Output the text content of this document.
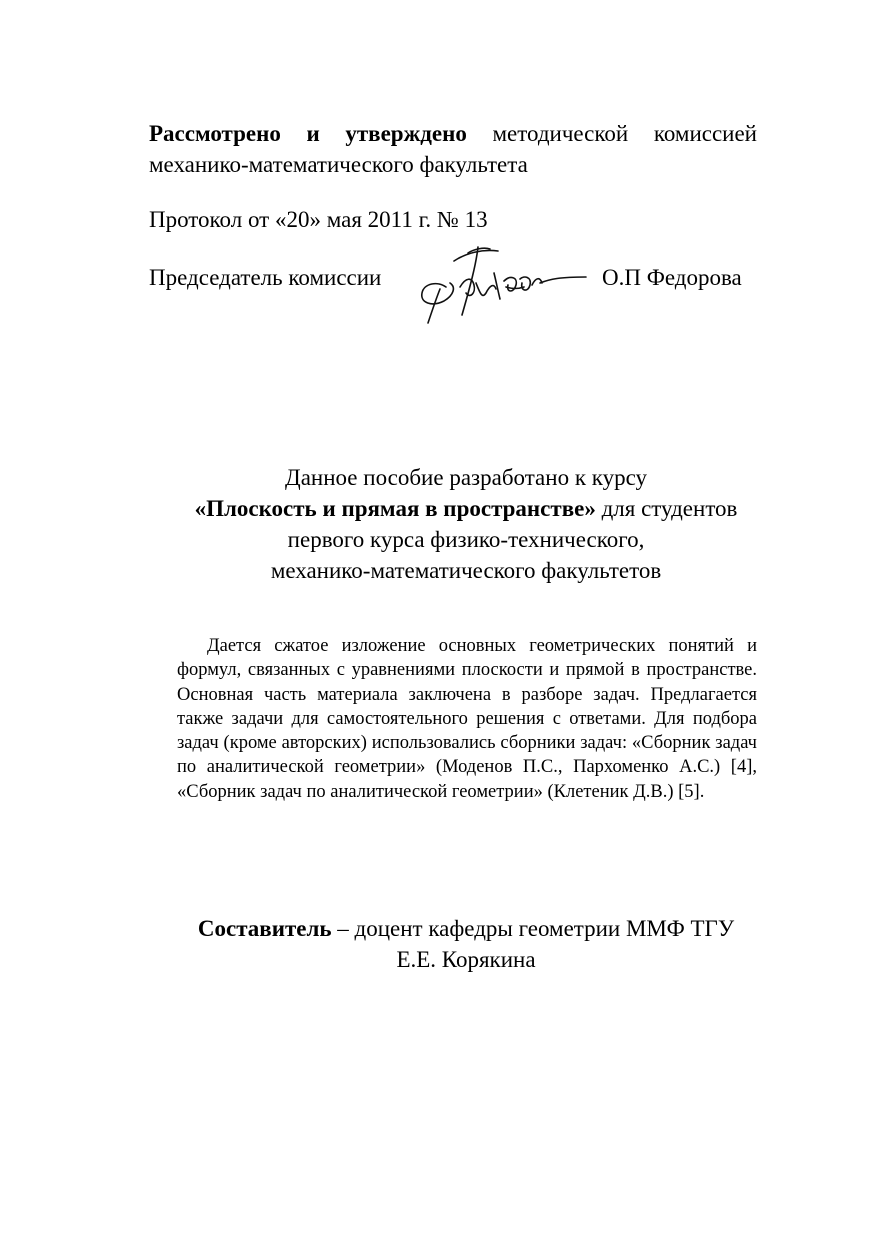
Рассмотрено и утверждено методической комиссией механико-математического факультета
Протокол от «20» мая 2011 г. № 13
Председатель комиссии	О.П Федорова
Данное пособие разработано к курсу
«Плоскость и прямая в пространстве» для студентов
первого курса физико-технического,
механико-математического факультетов
Дается сжатое изложение основных геометрических понятий и формул, связанных с уравнениями плоскости и прямой в пространстве. Основная часть материала заключена в разборе задач. Предлагается также задачи для самостоятельного решения с ответами. Для подбора задач (кроме авторских) использовались сборники задач: «Сборник задач по аналитической геометрии» (Моденов П.С., Пархоменко А.С.) [4], «Сборник задач по аналитической геометрии» (Клетеник Д.В.) [5].
Составитель – доцент кафедры геометрии ММФ ТГУ
Е.Е. Корякина
